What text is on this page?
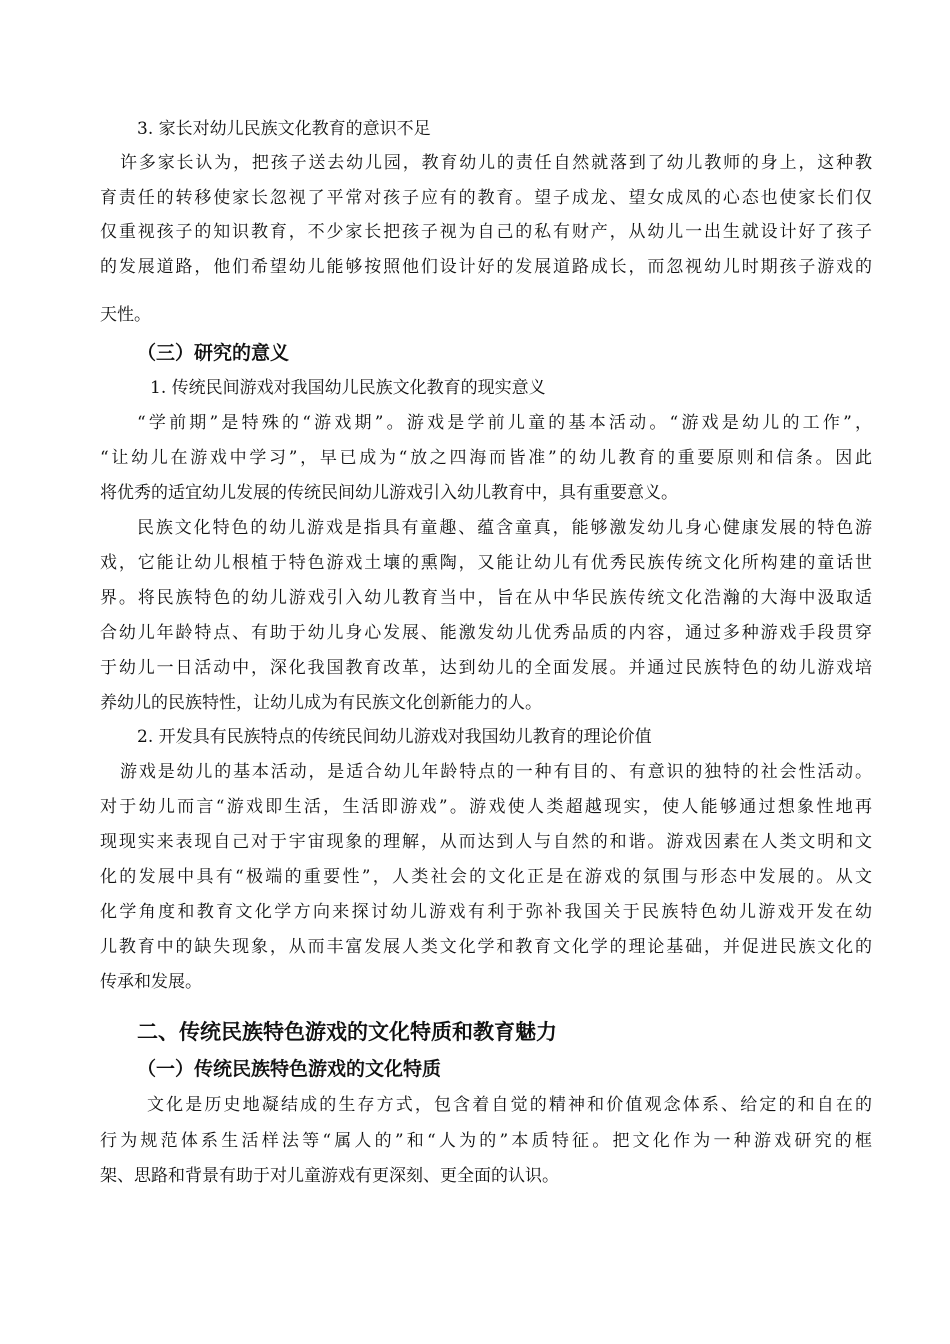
3. 家长对幼儿民族文化教育的意识不足

许多家长认为，把孩子送去幼儿园，教育幼儿的责任自然就落到了幼儿教师的身上，这种教

育责任的转移使家长忽视了平常对孩子应有的教育。望子成龙、望女成凤的心态也使家长们仅

仅重视孩子的知识教育，不少家长把孩子视为自己的私有财产，从幼儿一出生就设计好了孩子

的发展道路，他们希望幼儿能够按照他们设计好的发展道路成长，而忽视幼儿时期孩子游戏的

天性。

（三）研究的意义

1. 传统民间游戏对我国幼儿民族文化教育的现实意义

“学前期”是特殊的“游戏期”。游戏是学前儿童的基本活动。“游戏是幼儿的工作”，

“让幼儿在游戏中学习”，早已成为“放之四海而皆准”的幼儿教育的重要原则和信条。因此

将优秀的适宜幼儿发展的传统民间幼儿游戏引入幼儿教育中，具有重要意义。

民族文化特色的幼儿游戏是指具有童趣、蕴含童真，能够激发幼儿身心健康发展的特色游

戏，它能让幼儿根植于特色游戏土壤的熏陶，又能让幼儿有优秀民族传统文化所构建的童话世

界。将民族特色的幼儿游戏引入幼儿教育当中，旨在从中华民族传统文化浩瀚的大海中汲取适

合幼儿年龄特点、有助于幼儿身心发展、能激发幼儿优秀品质的内容，通过多种游戏手段贯穿

于幼儿一日活动中，深化我国教育改革，达到幼儿的全面发展。并通过民族特色的幼儿游戏培

养幼儿的民族特性，让幼儿成为有民族文化创新能力的人。

2. 开发具有民族特点的传统民间幼儿游戏对我国幼儿教育的理论价值

游戏是幼儿的基本活动，是适合幼儿年龄特点的一种有目的、有意识的独特的社会性活动。

对于幼儿而言“游戏即生活，生活即游戏”。游戏使人类超越现实，使人能够通过想象性地再

现现实来表现自己对于宇宙现象的理解，从而达到人与自然的和谐。游戏因素在人类文明和文

化的发展中具有“极端的重要性”，人类社会的文化正是在游戏的氛围与形态中发展的。从文

化学角度和教育文化学方向来探讨幼儿游戏有利于弥补我国关于民族特色幼儿游戏开发在幼

儿教育中的缺失现象，从而丰富发展人类文化学和教育文化学的理论基础，并促进民族文化的

传承和发展。

二、传统民族特色游戏的文化特质和教育魅力

（一）传统民族特色游戏的文化特质

文化是历史地凝结成的生存方式，包含着自觉的精神和价值观念体系、给定的和自在的

行为规范体系生活样法等“属人的”和“人为的”本质特征。把文化作为一种游戏研究的框

架、思路和背景有助于对儿童游戏有更深刻、更全面的认识。
